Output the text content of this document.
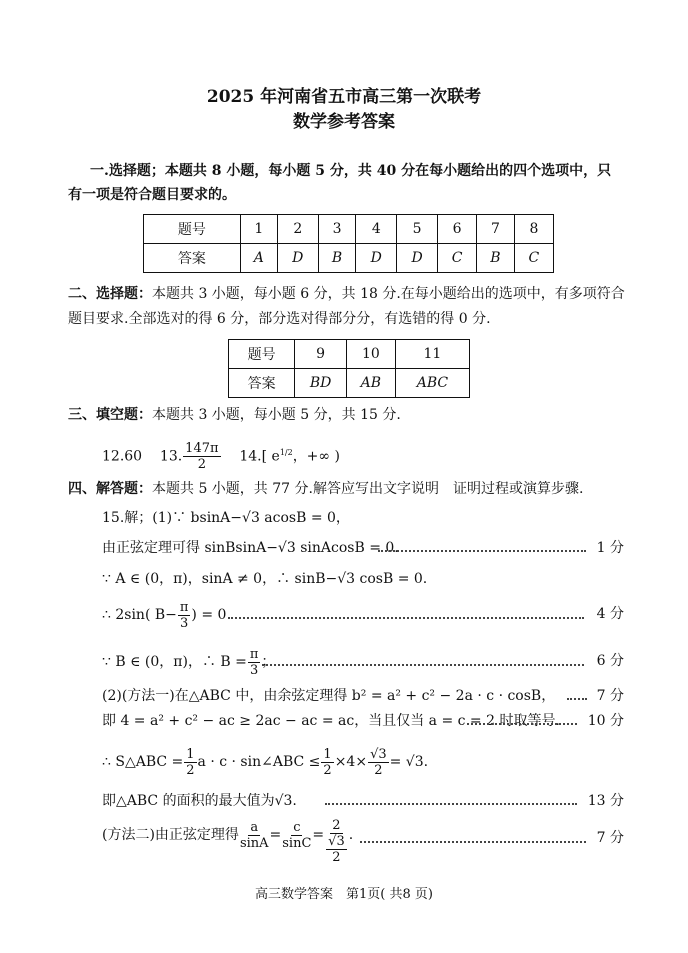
2025 年河南省五市高三第一次联考
数学参考答案
一.选择题；本题共 8 小题，每小题 5 分，共 40 分在每小题给出的四个选项中，只
有一项是符合题目要求的。
题号	1	2	3	4	5	6	7	8
答案	A	D	B	D	D	C	B	C
二、选择题：本题共 3 小题，每小题 6 分，共 18 分.在每小题给出的选项中，有多项符合
题目要求.全部选对的得 6 分，部分选对得部分分，有选错的得 0 分.
题号	9	10	11
答案	BD	AB	ABC
三、填空题：本题共 3 小题，每小题 5 分，共 15 分.
12.60 13. $\frac{147\pi}{2} 14$.[ $e^{1/2}$，+∞ )
四、解答题：本题共 5 小题，共 77 分.解答应写出文字说明　证明过程或演算步骤.
15.解；(1)∵ bsinA−√3 acosB = 0，
由正弦定理可得 sinBsinA−√3 sinAcosB = 0.	1 分
∵ A ∈ (0，π)，sinA ≠ 0，∴ sinB−√3 cosB = 0.
∴ 2sin( $B- \frac{\pi}{3}$ ) = 0	4 分
∵ B ∈ (0，π)，∴ $B = \frac{\pi}{3}$ ；	6 分
(2)(方法一)在△ABC 中，由余弦定理得 b² = a² + c² − 2a · c · cosB，	7 分
即 4 = a² + c² − ac ≥ 2ac − ac = ac，当且仅当 a = c = 2 时取等号. 10 分
∴ S△ABC = $\frac{1}{2}$ a · c · sin∠ABC ≤ $\frac{1}{2} \times 4\times \frac{√3}{2} = √3$.
即△ABC 的面积的最大值为√3.	13 分
(方法二)由正弦定理得 $\frac{a}{\sin A} = \frac{c}{\sin C} = \frac{2}{\frac{√3}{2}}$ .	7 分
高三数学答案　第1页( 共8 页)
